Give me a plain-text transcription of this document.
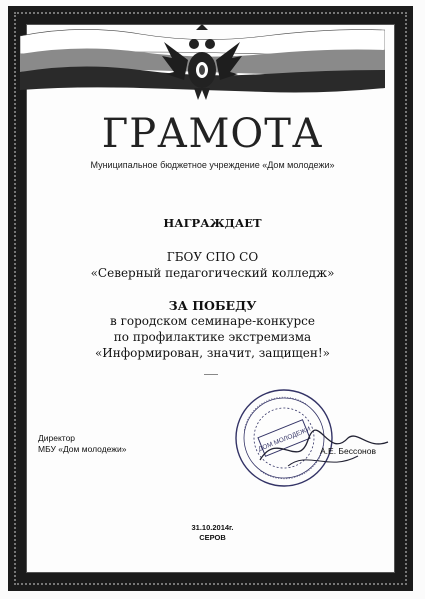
ГРАМОТА
Муниципальное бюджетное учреждение «Дом молодежи»
НАГРАЖДАЕТ
ГБОУ СПО СО
«Северный педагогический колледж»
ЗА ПОБЕДУ
в городском семинаре-конкурсе
по профилактике экстремизма
«Информирован, значит, защищен!»
Директор
МБУ «Дом молодежи»	ДОМ МОЛОДЕЖИ А.Е. Бессонов
31.10.2014г.
СЕРОВ
